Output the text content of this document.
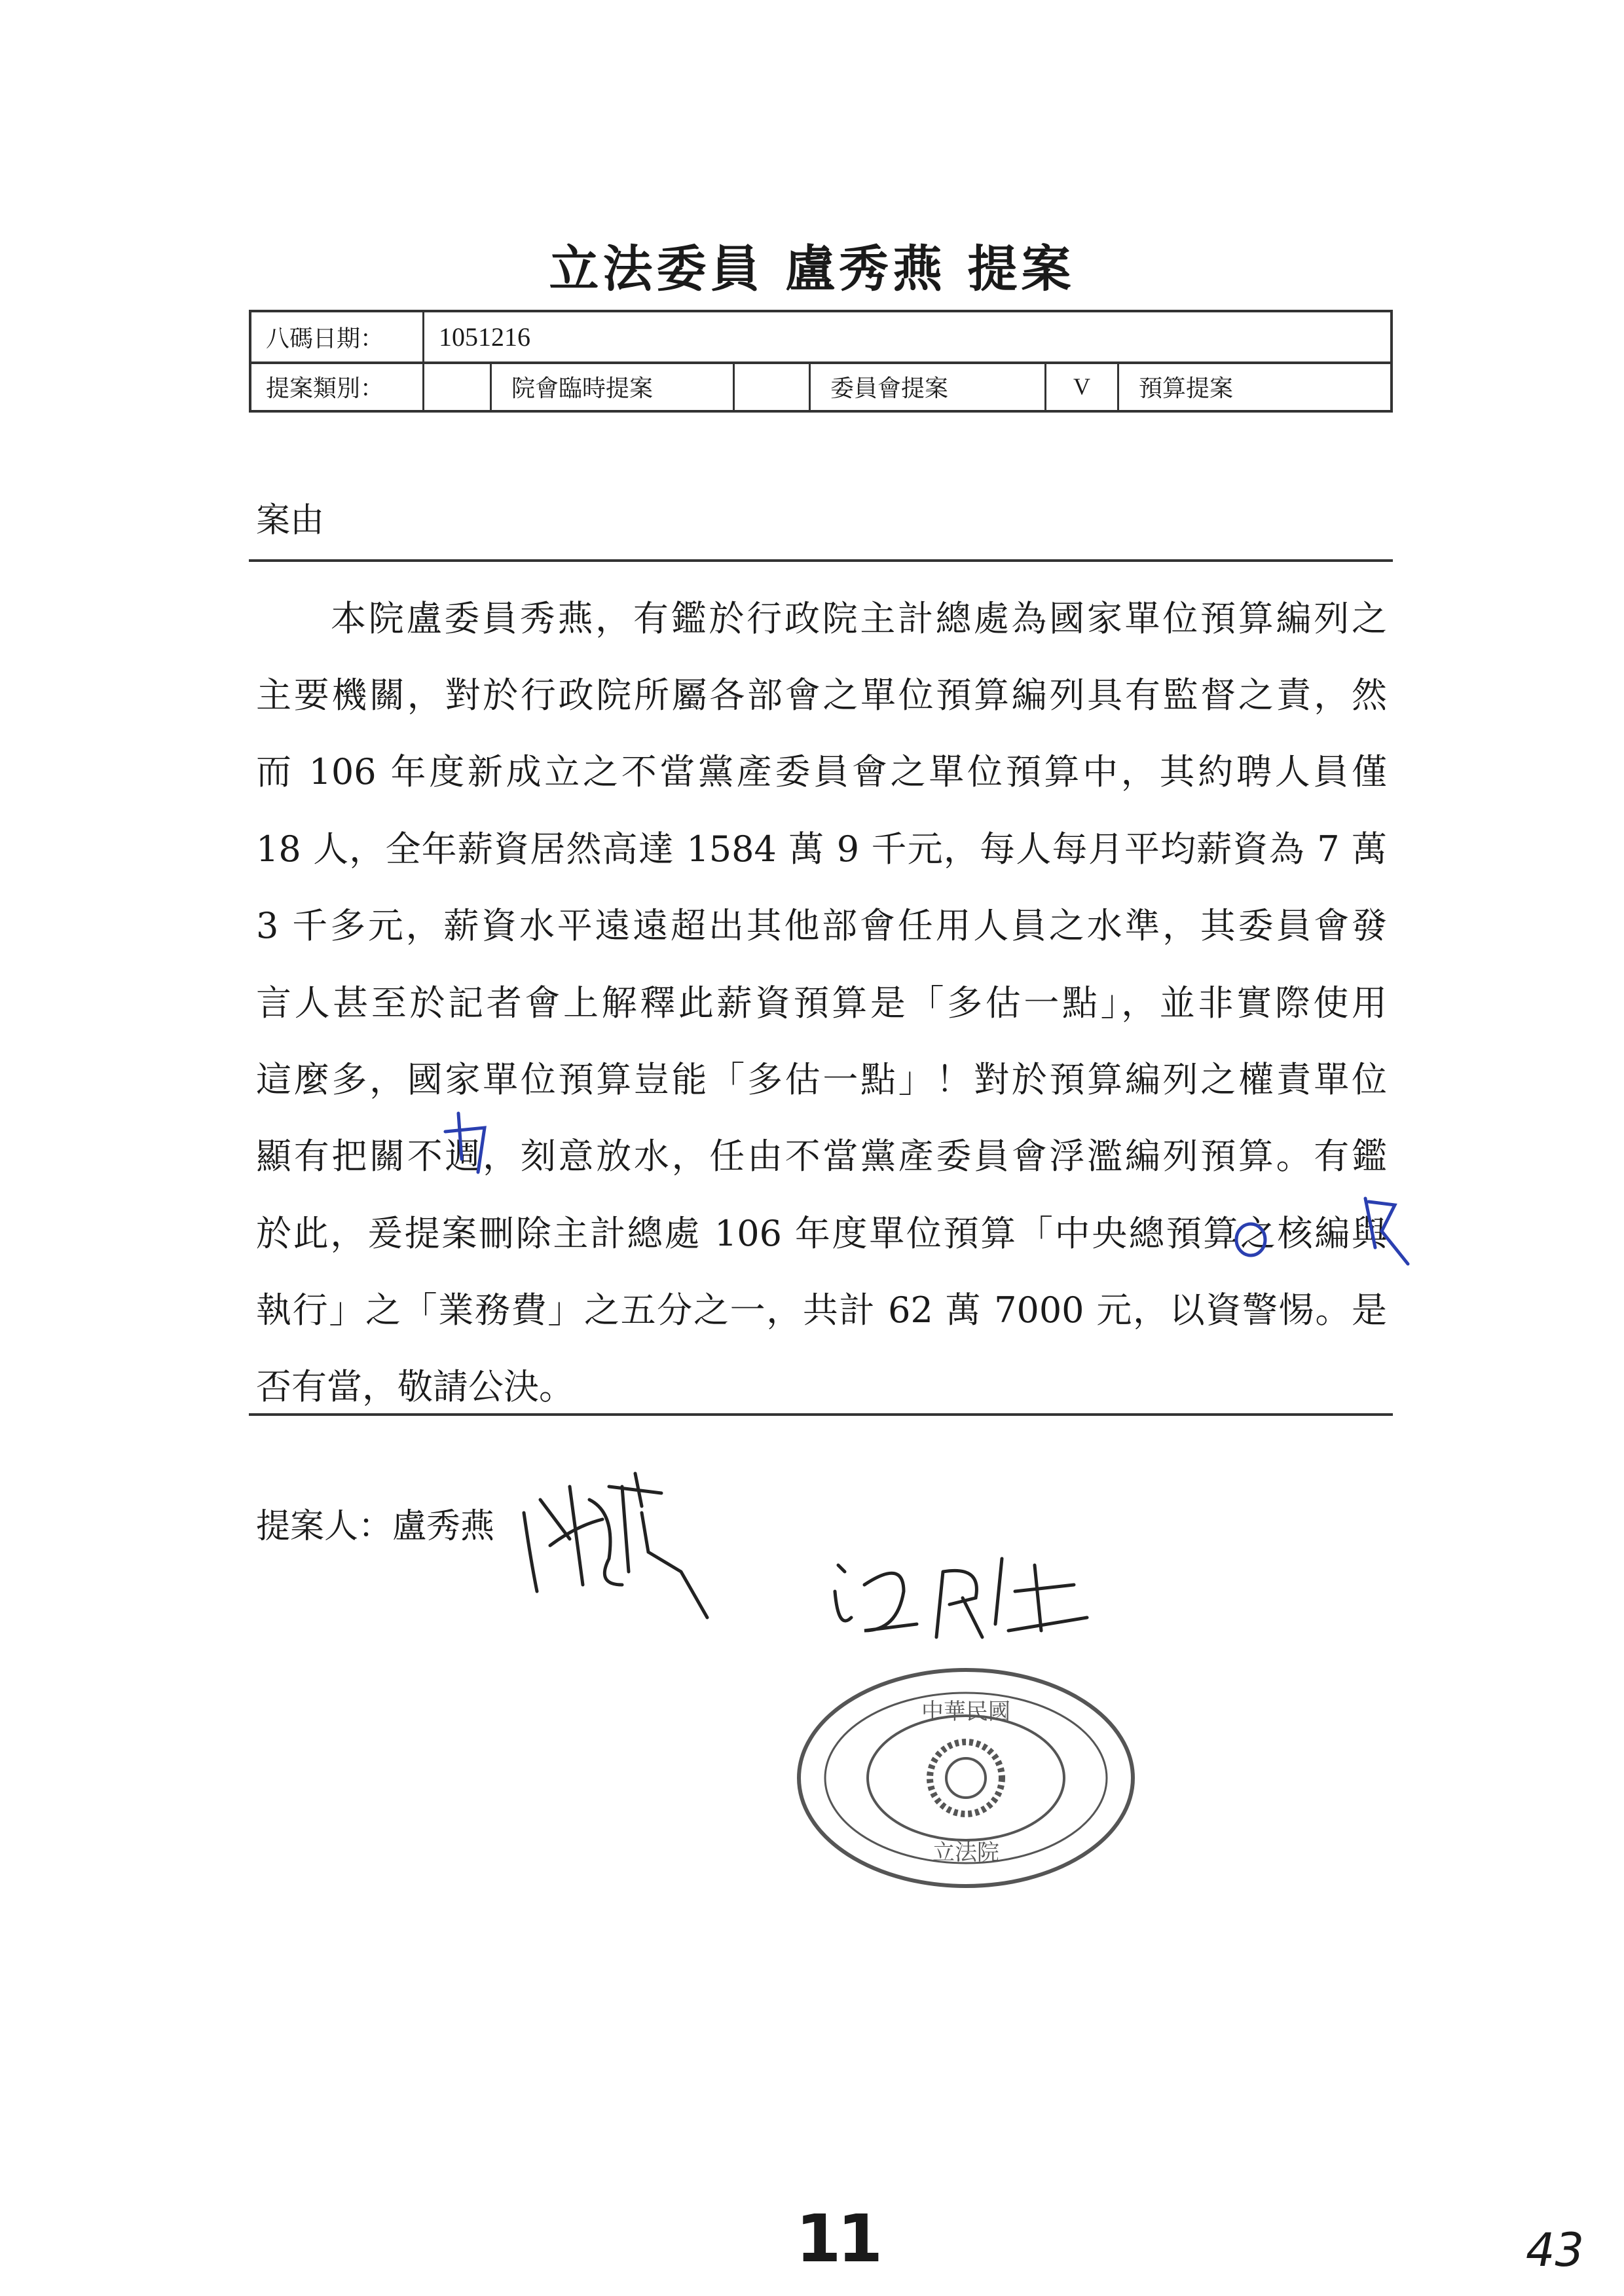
立法委員 盧秀燕 提案
八碼日期：	1051216
提案類別：	院會臨時提案	委員會提案	V	預算提案
案由
本院盧委員秀燕，有鑑於行政院主計總處為國家單位預算編列之
主要機關，對於行政院所屬各部會之單位預算編列具有監督之責，然
而 106 年度新成立之不當黨產委員會之單位預算中，其約聘人員僅
18 人，全年薪資居然高達 1584 萬 9 千元，每人每月平均薪資為 7 萬
3 千多元，薪資水平遠遠超出其他部會任用人員之水準，其委員會發
言人甚至於記者會上解釋此薪資預算是「多估一點」，並非實際使用
這麼多，國家單位預算豈能「多估一點」！對於預算編列之權責單位
顯有把關不週，刻意放水，任由不當黨產委員會浮濫編列預算。有鑑
於此，爰提案刪除主計總處 106 年度單位預算「中央總預算之核編與
執行」之「業務費」之五分之一，共計 62 萬 7000 元，以資警惕。是
否有當，敬請公決。
提案人：盧秀燕
中華民國
立法院
11	43
